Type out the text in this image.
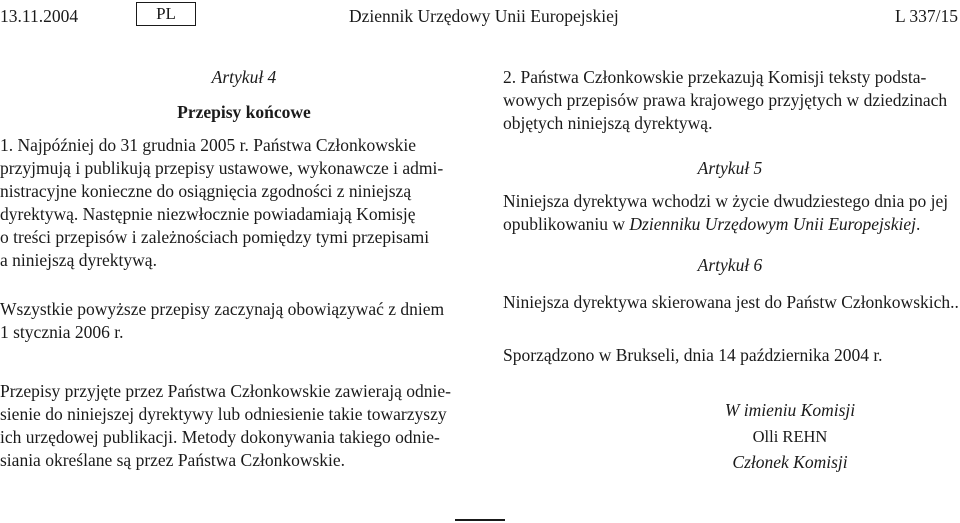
13.11.2004	PL	Dziennik Urzędowy Unii Europejskiej	L 337/15

Artykuł 4

Przepisy końcowe

1. Najpóźniej do 31 grudnia 2005 r. Państwa Członkowskie

przyjmują i publikują przepisy ustawowe, wykonawcze i admi-

nistracyjne konieczne do osiągnięcia zgodności z niniejszą

dyrektywą. Następnie niezwłocznie powiadamiają Komisję

o treści przepisów i zależnościach pomiędzy tymi przepisami

a niniejszą dyrektywą.

Wszystkie powyższe przepisy zaczynają obowiązywać z dniem

1 stycznia 2006 r.

Przepisy przyjęte przez Państwa Członkowskie zawierają odnie-

sienie do niniejszej dyrektywy lub odniesienie takie towarzyszy

ich urzędowej publikacji. Metody dokonywania takiego odnie-

siania określane są przez Państwa Członkowskie.

2. Państwa Członkowskie przekazują Komisji teksty podsta-

wowych przepisów prawa krajowego przyjętych w dziedzinach

objętych niniejszą dyrektywą.

Artykuł 5

Niniejsza dyrektywa wchodzi w życie dwudziestego dnia po jej

opublikowaniu w Dzienniku Urzędowym Unii Europejskiej.

Artykuł 6

Niniejsza dyrektywa skierowana jest do Państw Członkowskich..

Sporządzono w Brukseli, dnia 14 października 2004 r.

W imieniu Komisji
Olli REHN
Członek Komisji
